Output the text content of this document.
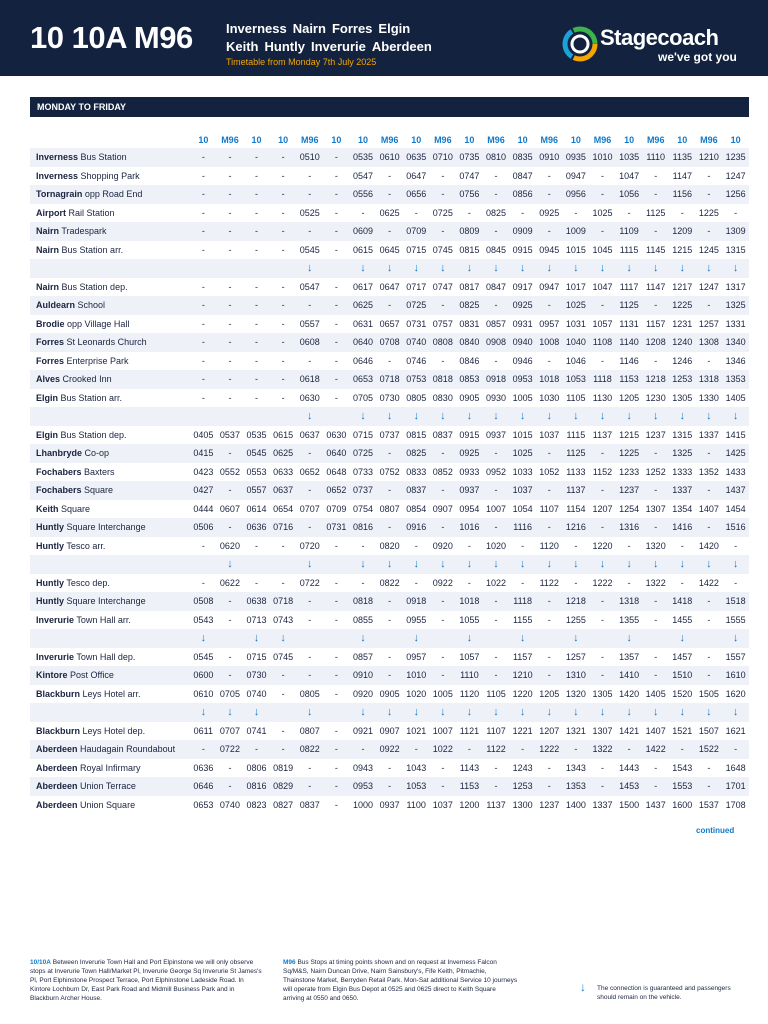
10 10A M96	Inverness Nairn Forres Elgin
Keith Huntly Inverurie Aberdeen
Timetable from Monday 7th July 2025
Stagecoach
we've got you
MONDAY TO FRIDAY
	10	M96	10	10	M96	10	10	M96	10	M96	10	M96	10	M96	10	M96	10	M96	10	M96	10
Inverness Bus Station	-	-	-	-	0510	-	0535	0610	0635	0710	0735	0810	0835	0910	0935	1010	1035	1110	1135	1210	1235
Inverness Shopping Park	-	-	-	-	-	-	0547	-	0647	-	0747	-	0847	-	0947	-	1047	-	1147	-	1247
Tornagrain opp Road End	-	-	-	-	-	-	0556	-	0656	-	0756	-	0856	-	0956	-	1056	-	1156	-	1256
Airport Rail Station	-	-	-	-	0525	-	-	0625	-	0725	-	0825	-	0925	-	1025	-	1125	-	1225	-
Nairn Tradespark	-	-	-	-	-	-	0609	-	0709	-	0809	-	0909	-	1009	-	1109	-	1209	-	1309
Nairn Bus Station arr.	-	-	-	-	0545	-	0615	0645	0715	0745	0815	0845	0915	0945	1015	1045	1115	1145	1215	1245	1315
					↓		↓	↓	↓	↓	↓	↓	↓	↓	↓	↓	↓	↓	↓	↓	↓
Nairn Bus Station dep.	-	-	-	-	0547	-	0617	0647	0717	0747	0817	0847	0917	0947	1017	1047	1117	1147	1217	1247	1317
Auldearn School	-	-	-	-	-	-	0625	-	0725	-	0825	-	0925	-	1025	-	1125	-	1225	-	1325
Brodie opp Village Hall	-	-	-	-	0557	-	0631	0657	0731	0757	0831	0857	0931	0957	1031	1057	1131	1157	1231	1257	1331
Forres St Leonards Church	-	-	-	-	0608	-	0640	0708	0740	0808	0840	0908	0940	1008	1040	1108	1140	1208	1240	1308	1340
Forres Enterprise Park	-	-	-	-	-	-	0646	-	0746	-	0846	-	0946	-	1046	-	1146	-	1246	-	1346
Alves Crooked Inn	-	-	-	-	0618	-	0653	0718	0753	0818	0853	0918	0953	1018	1053	1118	1153	1218	1253	1318	1353
Elgin Bus Station arr.	-	-	-	-	0630	-	0705	0730	0805	0830	0905	0930	1005	1030	1105	1130	1205	1230	1305	1330	1405
					↓		↓	↓	↓	↓	↓	↓	↓	↓	↓	↓	↓	↓	↓	↓	↓
Elgin Bus Station dep.	0405	0537	0535	0615	0637	0630	0715	0737	0815	0837	0915	0937	1015	1037	1115	1137	1215	1237	1315	1337	1415
Lhanbryde Co-op	0415	-	0545	0625	-	0640	0725	-	0825	-	0925	-	1025	-	1125	-	1225	-	1325	-	1425
Fochabers Baxters	0423	0552	0553	0633	0652	0648	0733	0752	0833	0852	0933	0952	1033	1052	1133	1152	1233	1252	1333	1352	1433
Fochabers Square	0427	-	0557	0637	-	0652	0737	-	0837	-	0937	-	1037	-	1137	-	1237	-	1337	-	1437
Keith Square	0444	0607	0614	0654	0707	0709	0754	0807	0854	0907	0954	1007	1054	1107	1154	1207	1254	1307	1354	1407	1454
Huntly Square Interchange	0506	-	0636	0716	-	0731	0816	-	0916	-	1016	-	1116	-	1216	-	1316	-	1416	-	1516
Huntly Tesco arr.	-	0620	-	-	0720	-	-	0820	-	0920	-	1020	-	1120	-	1220	-	1320	-	1420	-
		↓			↓		↓	↓	↓	↓	↓	↓	↓	↓	↓	↓	↓	↓	↓	↓	↓
Huntly Tesco dep.	-	0622	-	-	0722	-	-	0822	-	0922	-	1022	-	1122	-	1222	-	1322	-	1422	-
Huntly Square Interchange	0508	-	0638	0718	-	-	0818	-	0918	-	1018	-	1118	-	1218	-	1318	-	1418	-	1518
Inverurie Town Hall arr.	0543	-	0713	0743	-	-	0855	-	0955	-	1055	-	1155	-	1255	-	1355	-	1455	-	1555
	↓		↓	↓			↓		↓		↓		↓		↓		↓		↓		↓
Inverurie Town Hall dep.	0545	-	0715	0745	-	-	0857	-	0957	-	1057	-	1157	-	1257	-	1357	-	1457	-	1557
Kintore Post Office	0600	-	0730	-	-	-	0910	-	1010	-	1110	-	1210	-	1310	-	1410	-	1510	-	1610
Blackburn Leys Hotel arr.	0610	0705	0740	-	0805	-	0920	0905	1020	1005	1120	1105	1220	1205	1320	1305	1420	1405	1520	1505	1620
	↓	↓	↓		↓		↓	↓	↓	↓	↓	↓	↓	↓	↓	↓	↓	↓	↓	↓	↓
Blackburn Leys Hotel dep.	0611	0707	0741	-	0807	-	0921	0907	1021	1007	1121	1107	1221	1207	1321	1307	1421	1407	1521	1507	1621
Aberdeen Haudagain Roundabout	-	0722	-	-	0822	-	-	0922	-	1022	-	1122	-	1222	-	1322	-	1422	-	1522	-
Aberdeen Royal Infirmary	0636	-	0806	0819	-	-	0943	-	1043	-	1143	-	1243	-	1343	-	1443	-	1543	-	1648
Aberdeen Union Terrace	0646	-	0816	0829	-	-	0953	-	1053	-	1153	-	1253	-	1353	-	1453	-	1553	-	1701
Aberdeen Union Square	0653	0740	0823	0827	0837	-	1000	0937	1100	1037	1200	1137	1300	1237	1400	1337	1500	1437	1600	1537	1708
continued
10/10A Between Inverurie Town Hall and Port Elpinstone we will only observe stops at Inverurie Town Hall/Market Pl, Inverurie George Sq Inverurie St James's Pl, Port Elphinstone Prospect Terrace, Port Elphinstone Ladeside Road. In Kintore Lochburn Dr, East Park Road and Midmill Business Park and in Blackburn Archer House.
M96 Bus Stops at timing points shown and on request at Inverness Falcon Sq/M&S, Nairn Duncan Drive, Nairn Sainsbury's, Fife Keith, Pitmachie, Thainstone Market, Berryden Retail Park. Mon-Sat additional Service 10 journeys will operate from Elgin Bus Depot at 0525 and 0625 direct to Keith Square arriving at 0550 and 0650.
↓ The connection is guaranteed and passengers should remain on the vehicle.
